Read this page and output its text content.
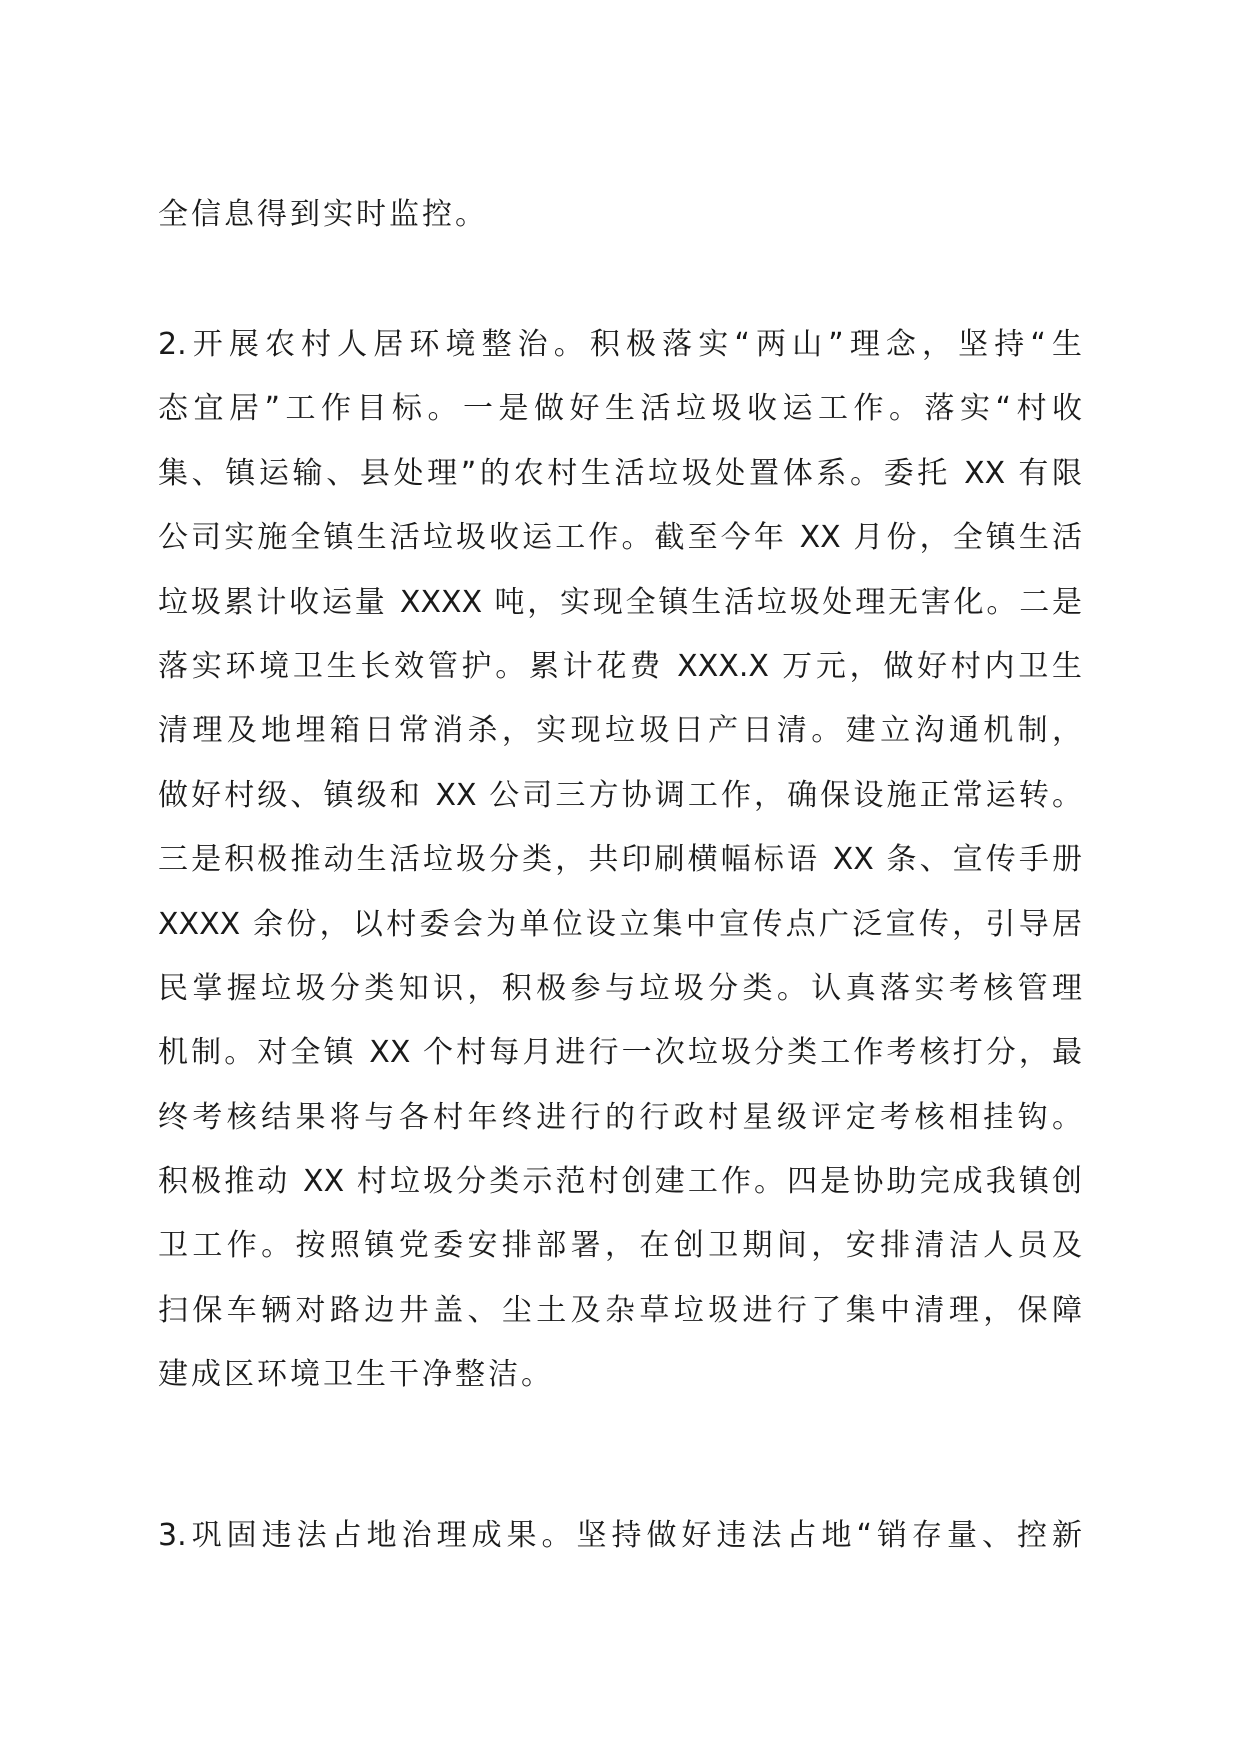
全信息得到实时监控。
2.开展农村人居环境整治。积极落实“两山”理念，坚持“生
态宜居”工作目标。一是做好生活垃圾收运工作。落实“村收
集、镇运输、县处理”的农村生活垃圾处置体系。委托 XX 有限
公司实施全镇生活垃圾收运工作。截至今年 XX 月份，全镇生活
垃圾累计收运量 XXXX 吨，实现全镇生活垃圾处理无害化。二是
落实环境卫生长效管护。累计花费 XXX.X 万元，做好村内卫生
清理及地埋箱日常消杀，实现垃圾日产日清。建立沟通机制，
做好村级、镇级和 XX 公司三方协调工作，确保设施正常运转。
三是积极推动生活垃圾分类，共印刷横幅标语 XX 条、宣传手册
XXXX 余份，以村委会为单位设立集中宣传点广泛宣传，引导居
民掌握垃圾分类知识，积极参与垃圾分类。认真落实考核管理
机制。对全镇 XX 个村每月进行一次垃圾分类工作考核打分，最
终考核结果将与各村年终进行的行政村星级评定考核相挂钩。
积极推动 XX 村垃圾分类示范村创建工作。四是协助完成我镇创
卫工作。按照镇党委安排部署，在创卫期间，安排清洁人员及
扫保车辆对路边井盖、尘土及杂草垃圾进行了集中清理，保障
建成区环境卫生干净整洁。
3.巩固违法占地治理成果。坚持做好违法占地“销存量、控新
